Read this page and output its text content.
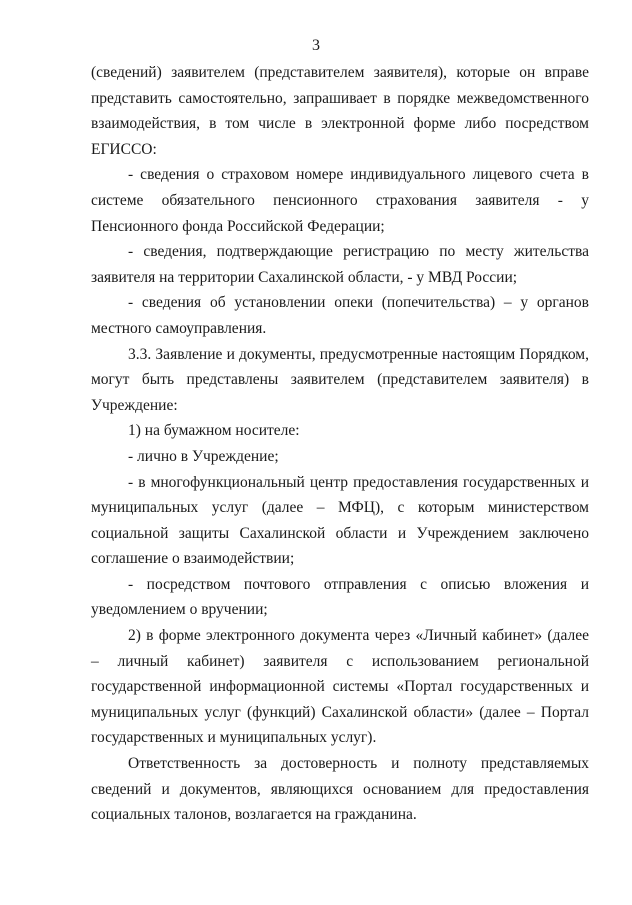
3

(сведений) заявителем (представителем заявителя), которые он вправе представить самостоятельно, запрашивает в порядке межведомственного взаимодействия, в том числе в электронной форме либо посредством ЕГИССО:

- сведения о страховом номере индивидуального лицевого счета в системе обязательного пенсионного страхования заявителя - у Пенсионного фонда Российской Федерации;

- сведения, подтверждающие регистрацию по месту жительства заявителя на территории Сахалинской области, - у МВД России;

- сведения об установлении опеки (попечительства) – у органов местного самоуправления.

3.3. Заявление и документы, предусмотренные настоящим Порядком, могут быть представлены заявителем (представителем заявителя) в Учреждение:

1) на бумажном носителе:

- лично в Учреждение;

- в многофункциональный центр предоставления государственных и муниципальных услуг (далее – МФЦ), с которым министерством социальной защиты Сахалинской области и Учреждением заключено соглашение о взаимодействии;

- посредством почтового отправления с описью вложения и уведомлением о вручении;

2) в форме электронного документа через «Личный кабинет» (далее – личный кабинет) заявителя с использованием региональной государственной информационной системы «Портал государственных и муниципальных услуг (функций) Сахалинской области» (далее – Портал государственных и муниципальных услуг).

Ответственность за достоверность и полноту представляемых сведений и документов, являющихся основанием для предоставления социальных талонов, возлагается на гражданина.
